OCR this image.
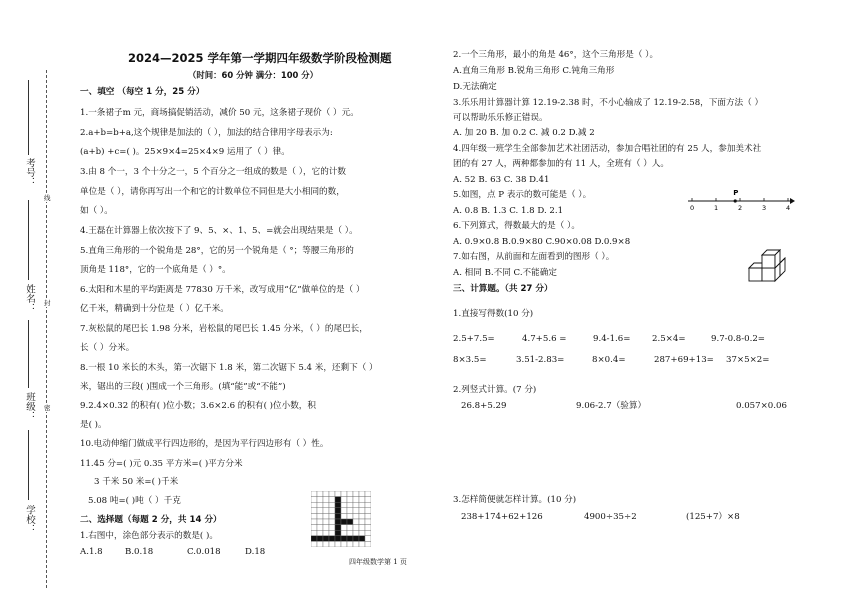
考号：
姓名：
班级：
学校：
线
封
密
2024—2025 学年第一学期四年级数学阶段检测题
（时间：60 分钟 满分：100 分）
一、填空 （每空 1 分，25 分）
1.一条裙子m 元，商场搞促销活动，减价 50 元，这条裙子现价（ ）元。
2.a+b=b+a,这个规律是加法的（ ），加法的结合律用字母表示为:
(a+b) +c=( )。25×9×4=25×4×9 运用了（ ）律。
3.由 8 个一，3 个十分之一，5 个百分之一组成的数是（ ），它的计数
单位是（ ），请你再写出一个和它的计数单位不同但是大小相同的数，
如（ ）。
4.王磊在计算器上依次按下了 9、5、×、1、5、=就会出现结果是（ ）。
5.直角三角形的一个锐角是 28°，它的另一个锐角是（ °；等腰三角形的
顶角是 118°，它的一个底角是（ ）°。
6.太阳和木星的平均距离是 77830 万千米，改写成用“亿”做单位的是（ ）
亿千米，精确到十分位是（ ）亿千米。
7.灰松鼠的尾巴长 1.98 分米，岩松鼠的尾巴长 1.45 分米，（ ）的尾巴长，
长（ ）分米。
8.一根 10 米长的木头，第一次锯下 1.8 米，第二次锯下 5.4 米，还剩下（ ）
米，锯出的三段( )围成一个三角形。(填“能”或“不能”)
9.2.4×0.32 的积有( )位小数；3.6×2.6 的积有( )位小数，积
是( )。
10.电动伸缩门做成平行四边形的，是因为平行四边形有（ ）性。
11.45 分=( )元 0.35 平方米=( )平方分米
3 千米 50 米=( )千米
5.08 吨=( )吨（ ）千克
二、选择题（每题 2 分，共 14 分）
1.右图中，涂色部分表示的数是( )。
A.1.8	B.0.18	C.0.018	D.18
四年级数学第 1 页
2.一个三角形，最小的角是 46°，这个三角形是（ ）。
A.直角三角形 B.锐角三角形 C.钝角三角形
D.无法确定
3.乐乐用计算器计算 12.19-2.38 时，不小心输成了 12.19-2.58，下面方法（ ）
可以帮助乐乐修正错误。
A. 加 20 B. 加 0.2 C. 减 0.2 D.减 2
4.四年级一班学生全部参加艺术社团活动，参加合唱社团的有 25 人，参加美术社
团的有 27 人，两种都参加的有 11 人，全班有（ ）人。
A. 52 B. 63 C. 38 D.41
5.如图，点 P 表示的数可能是（ ）。
A. 0.8 B. 1.3 C. 1.8 D. 2.1
6.下列算式，得数最大的是（ ）。
A. 0.9×0.8 B.0.9×80 C.90×0.08 D.0.9×8
7.如右图，从前面和左面看到的图形（ ）。
A. 相同 B.不同 C.不能确定
0	1	2	3	4
P
三、计算题。（共 27 分）
1.直接写得数(10 分)
2.5+7.5=	4.7+5.6 =	9.4-1.6=	2.5×4=	9.7-0.8-0.2=
8×3.5=	3.51-2.83=	8×0.4=	287+69+13= 37×5×2=
2.列竖式计算。(7 分)
26.8+5.29	9.06-2.7（验算）	0.057×0.06
3.怎样简便就怎样计算。(10 分)
238+174+62+126	4900÷35÷2	(125+7）×8
